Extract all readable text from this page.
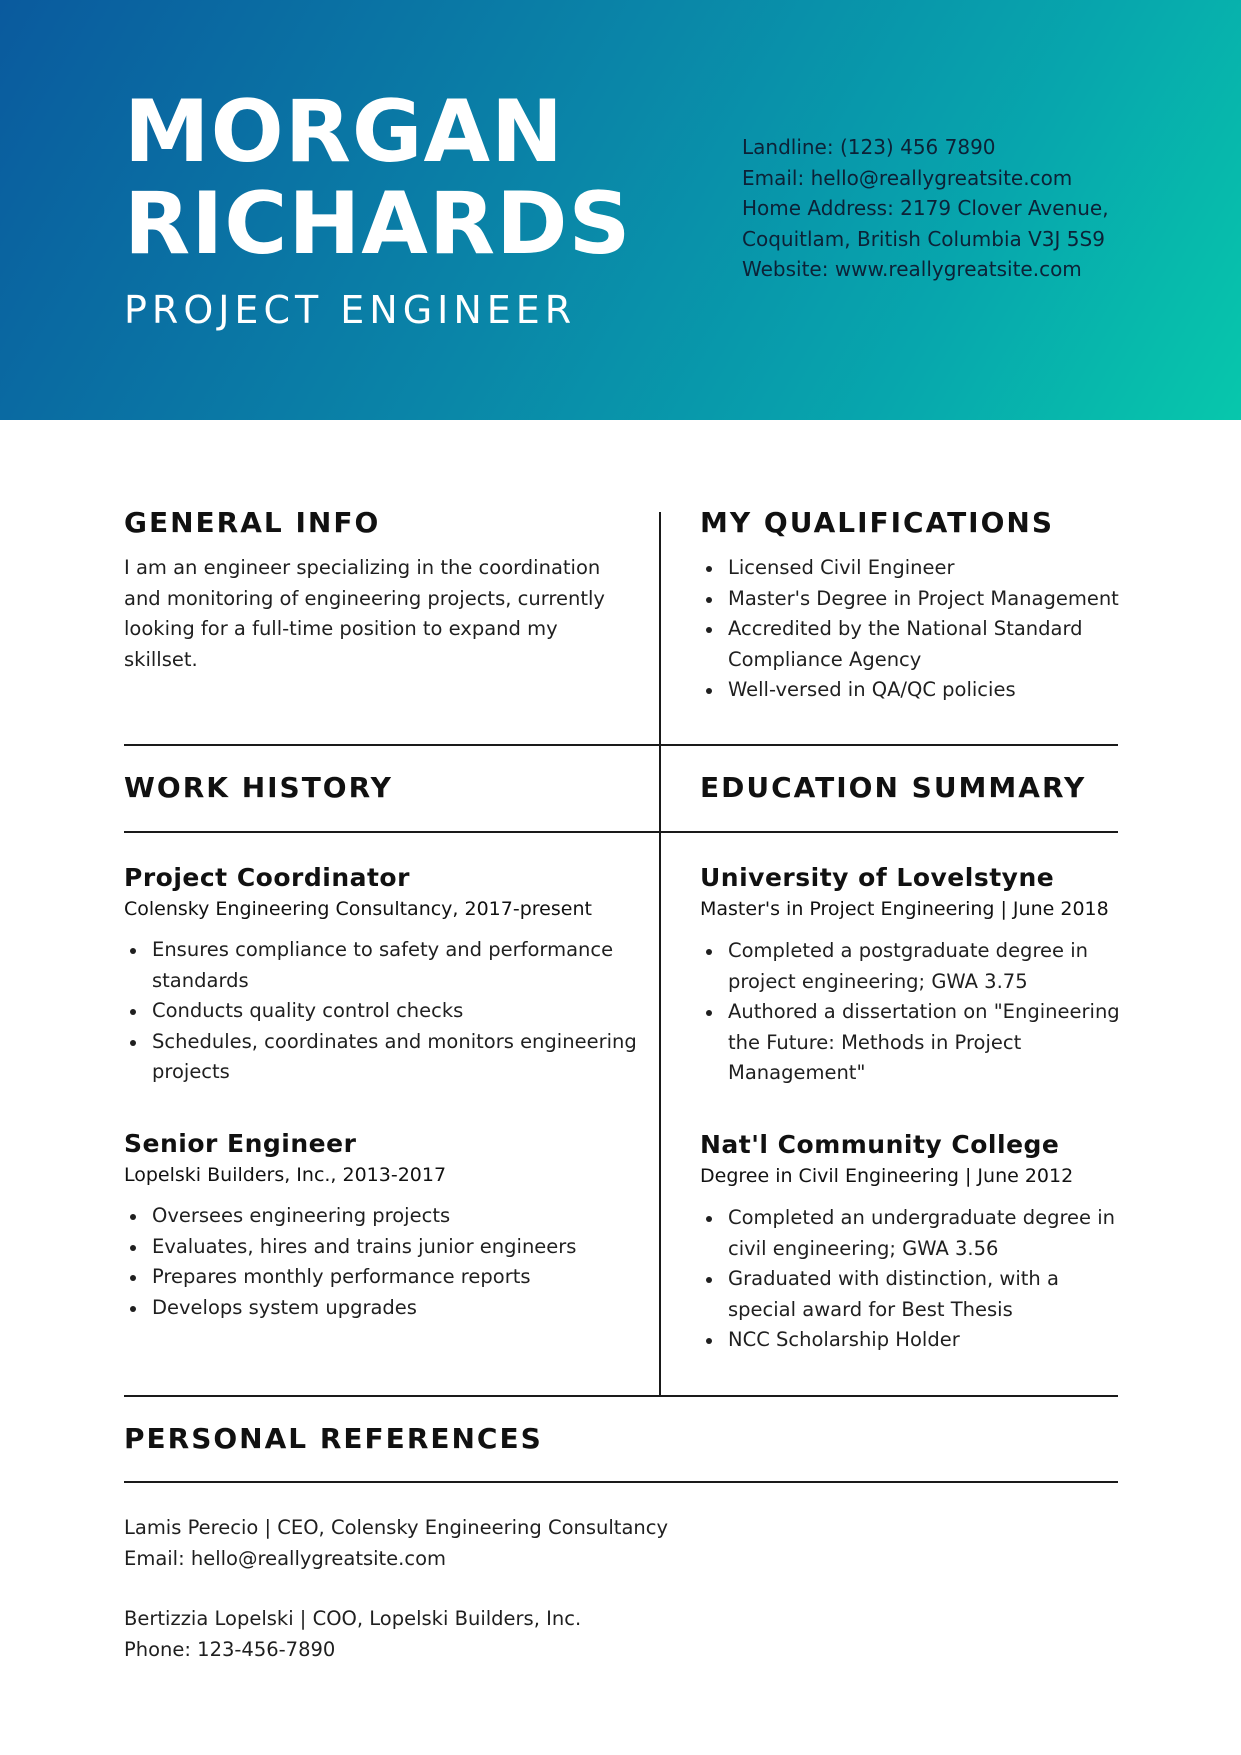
MORGAN
RICHARDS
PROJECT ENGINEER
Landline: (123) 456 7890
Email: hello@reallygreatsite.com
Home Address: 2179 Clover Avenue,
Coquitlam, British Columbia V3J 5S9
Website: www.reallygreatsite.com
GENERAL INFO
I am an engineer specializing in the coordination and monitoring of engineering projects, currently looking for a full-time position to expand my skillset.
MY QUALIFICATIONS
Licensed Civil Engineer
Master's Degree in Project Management
Accredited by the National Standard Compliance Agency
Well-versed in QA/QC policies
WORK HISTORY
Project Coordinator
Colensky Engineering Consultancy, 2017-present
Ensures compliance to safety and performance standards
Conducts quality control checks
Schedules, coordinates and monitors engineering projects
Senior Engineer
Lopelski Builders, Inc., 2013-2017
Oversees engineering projects
Evaluates, hires and trains junior engineers
Prepares monthly performance reports
Develops system upgrades
EDUCATION SUMMARY
University of Lovelstyne
Master's in Project Engineering | June 2018
Completed a postgraduate degree in project engineering; GWA 3.75
Authored a dissertation on "Engineering the Future: Methods in Project Management"
Nat'l Community College
Degree in Civil Engineering | June 2012
Completed an undergraduate degree in civil engineering; GWA 3.56
Graduated with distinction, with a special award for Best Thesis
NCC Scholarship Holder
PERSONAL REFERENCES
Lamis Perecio | CEO, Colensky Engineering Consultancy
Email: hello@reallygreatsite.com
Bertizzia Lopelski | COO, Lopelski Builders, Inc.
Phone: 123-456-7890
